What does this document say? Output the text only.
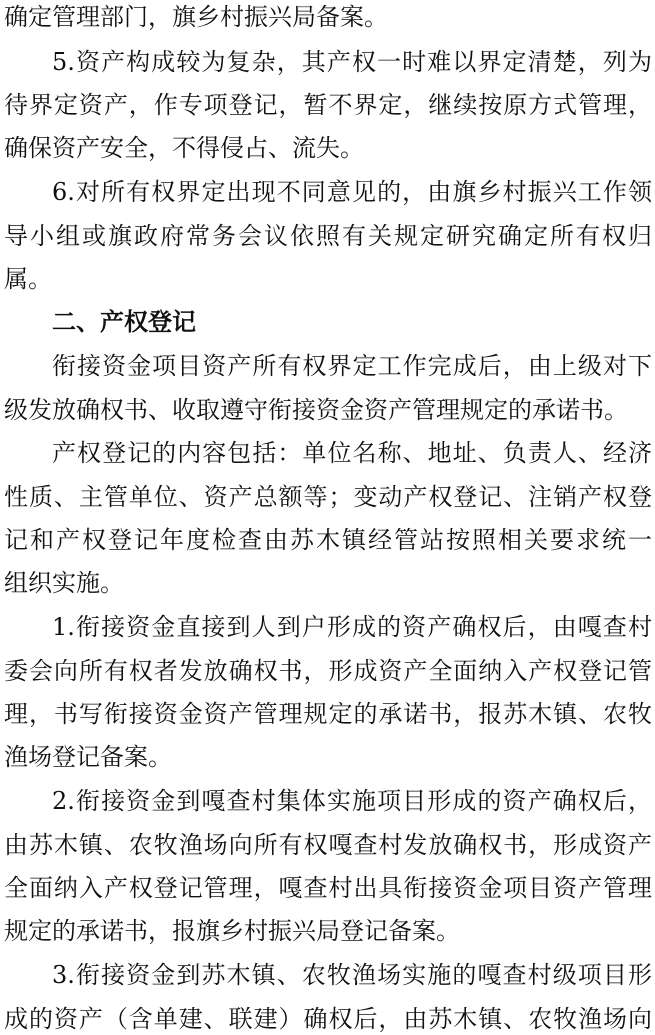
确定管理部门，旗乡村振兴局备案。
5.资产构成较为复杂，其产权一时难以界定清楚，列为
待界定资产，作专项登记，暂不界定，继续按原方式管理，
确保资产安全，不得侵占、流失。
6.对所有权界定出现不同意见的，由旗乡村振兴工作领
导小组或旗政府常务会议依照有关规定研究确定所有权归
属。
二、产权登记
衔接资金项目资产所有权界定工作完成后，由上级对下
级发放确权书、收取遵守衔接资金资产管理规定的承诺书。
产权登记的内容包括：单位名称、地址、负责人、经济
性质、主管单位、资产总额等；变动产权登记、注销产权登
记和产权登记年度检查由苏木镇经管站按照相关要求统一
组织实施。
1.衔接资金直接到人到户形成的资产确权后，由嘎查村
委会向所有权者发放确权书，形成资产全面纳入产权登记管
理，书写衔接资金资产管理规定的承诺书，报苏木镇、农牧
渔场登记备案。
2.衔接资金到嘎查村集体实施项目形成的资产确权后，
由苏木镇、农牧渔场向所有权嘎查村发放确权书，形成资产
全面纳入产权登记管理，嘎查村出具衔接资金项目资产管理
规定的承诺书，报旗乡村振兴局登记备案。
3.衔接资金到苏木镇、农牧渔场实施的嘎查村级项目形
成的资产（含单建、联建）确权后，由苏木镇、农牧渔场向
